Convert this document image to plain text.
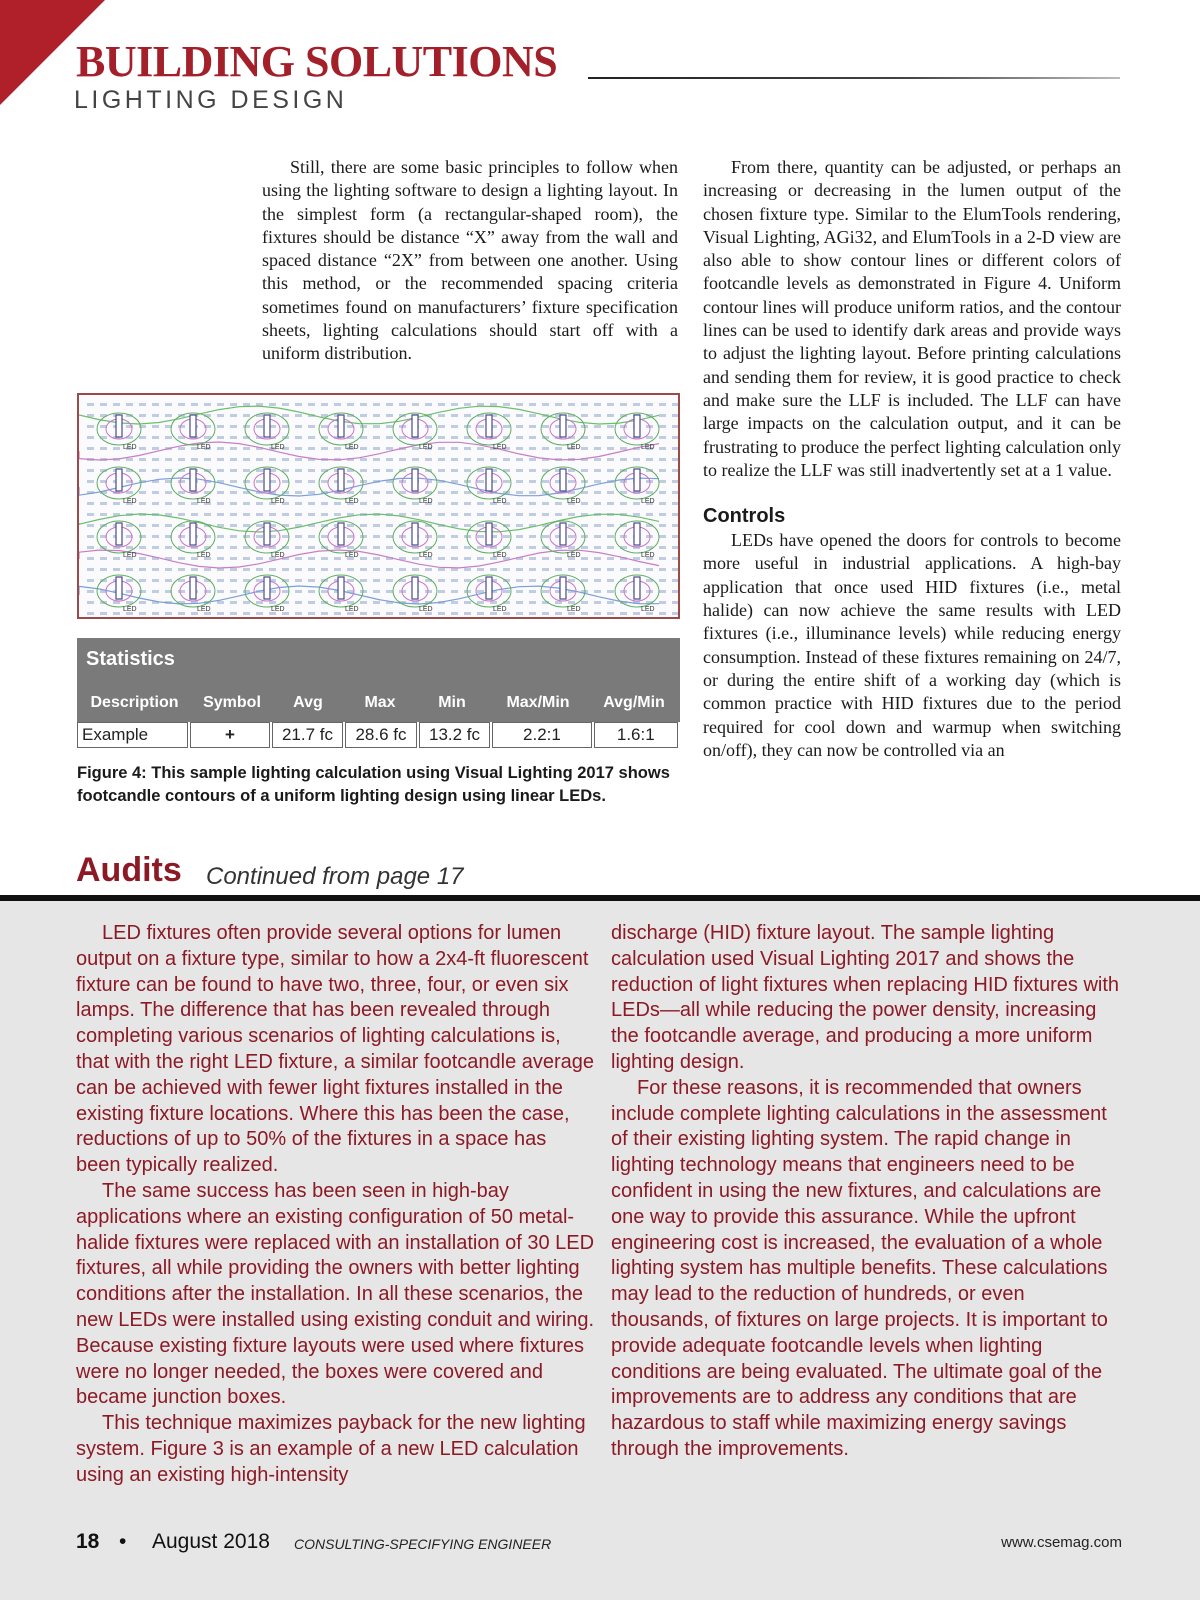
BUILDING SOLUTIONS
LIGHTING DESIGN

Still, there are some basic principles to follow when using the lighting software to design a lighting layout. In the simplest form (a rectangular-shaped room), the fixtures should be distance “X” away from the wall and spaced distance “2X” from between one another. Using this method, or the recommended spacing criteria sometimes found on manufacturers’ fixture specification sheets, lighting calculations should start off with a uniform distribution.

From there, quantity can be adjusted, or perhaps an increasing or decreasing in the lumen output of the chosen fixture type. Similar to the ElumTools rendering, Visual Lighting, AGi32, and ElumTools in a 2-D view are also able to show contour lines or different colors of footcandle levels as demonstrated in Figure 4. Uniform contour lines will produce uniform ratios, and the contour lines can be used to identify dark areas and provide ways to adjust the lighting layout. Before printing calculations and sending them for review, it is good practice to check and make sure the LLF is included. The LLF can have large impacts on the calculation output, and it can be frustrating to produce the perfect lighting calculation only to realize the LLF was still inadvertently set at a 1 value.

Controls

LEDs have opened the doors for controls to become more useful in industrial applications. A high-bay application that once used HID fixtures (i.e., metal halide) can now achieve the same results with LED fixtures (i.e., illuminance levels) while reducing energy consumption. Instead of these fixtures remaining on 24/7, or during the entire shift of a working day (which is common practice with HID fixtures due to the period required for cool down and warmup when switching on/off), they can now be controlled via an

LED	LED	LED	LED	LED	LED	LED	LED
LED	LED	LED	LED	LED	LED	LED	LED
LED	LED	LED	LED	LED	LED	LED	LED
LED	LED	LED	LED	LED	LED	LED	LED
Statistics
Description	Symbol	Avg	Max	Min	Max/Min	Avg/Min
Example	+	21.7 fc	28.6 fc	13.2 fc	2.2:1	1.6:1
Figure 4: This sample lighting calculation using Visual Lighting 2017 shows footcandle contours of a uniform lighting design using linear LEDs.
Audits Continued from page 17

LED fixtures often provide several options for lumen output on a fixture type, similar to how a 2x4-ft fluorescent fixture can be found to have two, three, four, or even six lamps. The difference that has been revealed through completing various scenarios of lighting calculations is, that with the right LED fixture, a similar footcandle average can be achieved with fewer light fixtures installed in the existing fixture locations. Where this has been the case, reductions of up to 50% of the fixtures in a space has been typically realized.

The same success has been seen in high-bay applications where an existing configuration of 50 metal-halide fixtures were replaced with an installation of 30 LED fixtures, all while providing the owners with better lighting conditions after the installation. In all these scenarios, the new LEDs were installed using existing conduit and wiring. Because existing fixture layouts were used where fixtures were no longer needed, the boxes were covered and became junction boxes.

This technique maximizes payback for the new lighting system. Figure 3 is an example of a new LED calculation using an existing high-intensity

discharge (HID) fixture layout. The sample lighting calculation used Visual Lighting 2017 and shows the reduction of light fixtures when replacing HID fixtures with LEDs—all while reducing the power density, increasing the footcandle average, and producing a more uniform lighting design.

For these reasons, it is recommended that owners include complete lighting calculations in the assessment of their existing lighting system. The rapid change in lighting technology means that engineers need to be confident in using the new fixtures, and calculations are one way to provide this assurance. While the upfront engineering cost is increased, the evaluation of a whole lighting system has multiple benefits. These calculations may lead to the reduction of hundreds, or even thousands, of fixtures on large projects. It is important to provide adequate footcandle levels when lighting conditions are being evaluated. The ultimate goal of the improvements are to address any conditions that are hazardous to staff while maximizing energy savings through the improvements.

18 • August 2018 CONSULTING-SPECIFYING ENGINEER	www.csemag.com
